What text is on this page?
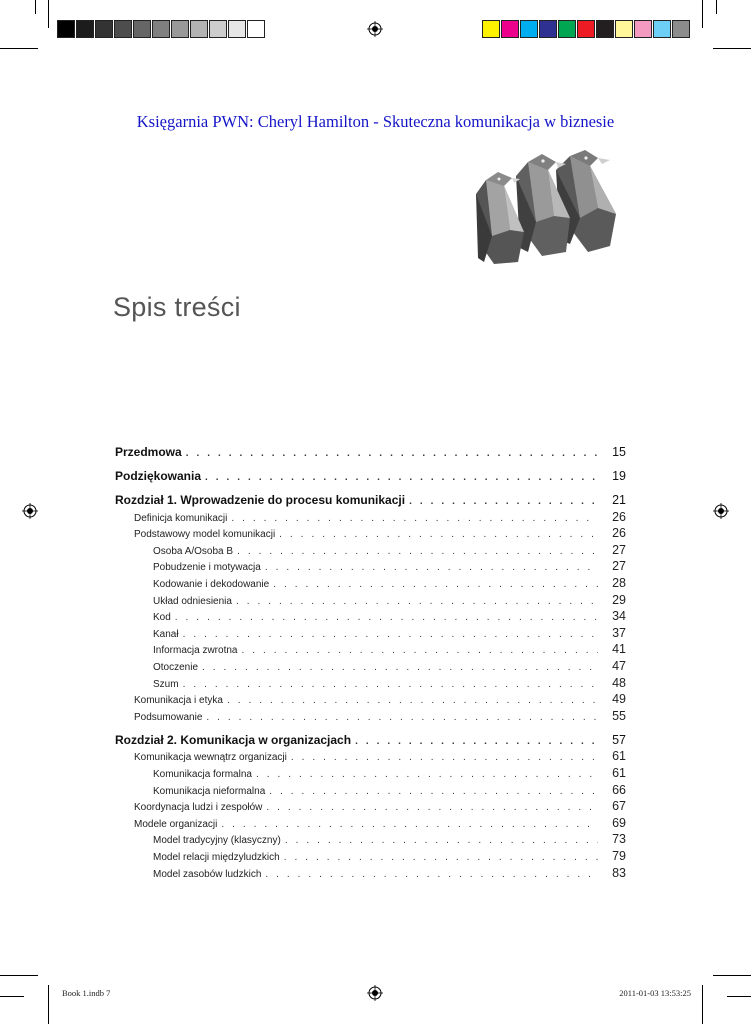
Księgarnia PWN: Cheryl Hamilton - Skuteczna komunikacja w biznesie
Spis treści
Przedmowa . . .	15
Podziękowania . . .	19
Rozdział 1. Wprowadzenie do procesu komunikacji . . .	21
Definicja komunikacji . . .	26
Podstawowy model komunikacji . . .	26
Osoba A/Osoba B . . .	27
Pobudzenie i motywacja . . .	27
Kodowanie i dekodowanie . . .	28
Układ odniesienia . . .	29
Kod . . .	34
Kanał . . .	37
Informacja zwrotna . . .	41
Otoczenie . . .	47
Szum . . .	48
Komunikacja i etyka . . .	49
Podsumowanie . . .	55
Rozdział 2. Komunikacja w organizacjach . . .	57
Komunikacja wewnątrz organizacji . . .	61
Komunikacja formalna . . .	61
Komunikacja nieformalna . . .	66
Koordynacja ludzi i zespołów . . .	67
Modele organizacji . . .	69
Model tradycyjny (klasyczny) . . .	73
Model relacji międzyludzkich . . .	79
Model zasobów ludzkich . . .	83
Book 1.indb 7	2011-01-03 13:53:25
